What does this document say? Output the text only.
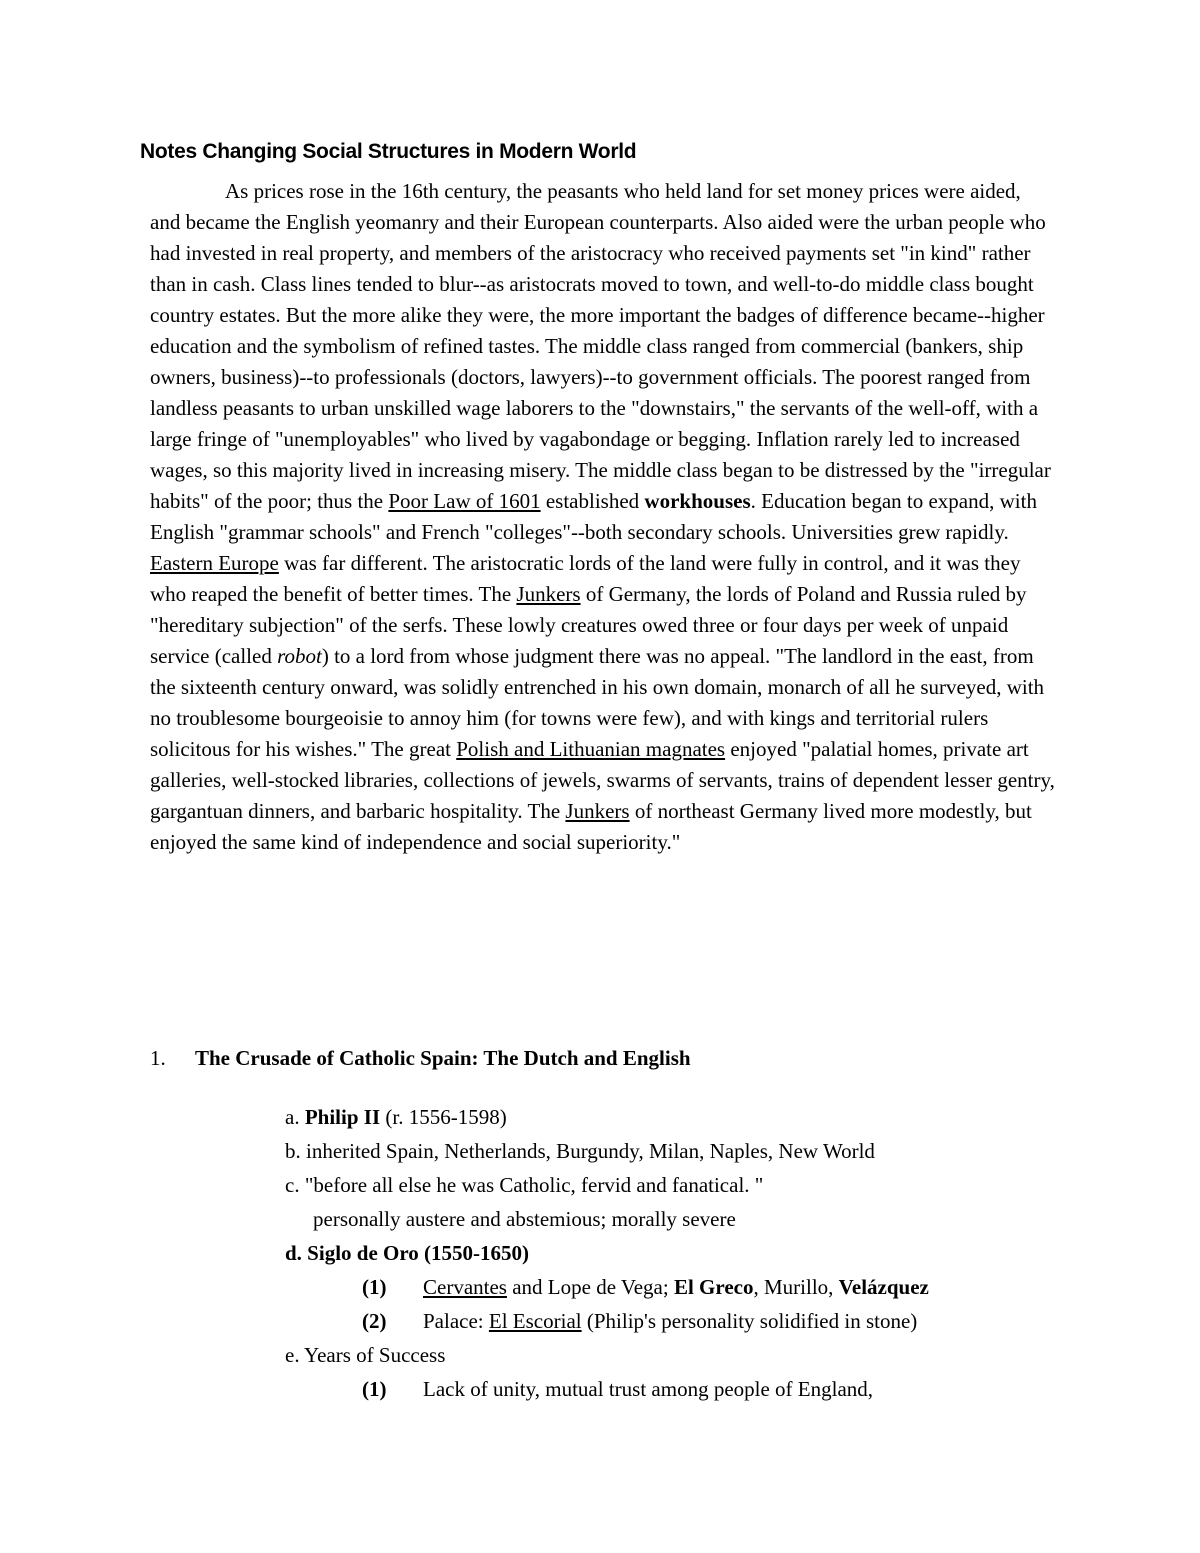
Notes Changing Social Structures in Modern World
As prices rose in the 16th century, the peasants who held land for set money prices were aided, and became the English yeomanry and their European counterparts. Also aided were the urban people who had invested in real property, and members of the aristocracy who received payments set "in kind" rather than in cash. Class lines tended to blur--as aristocrats moved to town, and well-to-do middle class bought country estates. But the more alike they were, the more important the badges of difference became--higher education and the symbolism of refined tastes. The middle class ranged from commercial (bankers, ship owners, business)--to professionals (doctors, lawyers)--to government officials. The poorest ranged from landless peasants to urban unskilled wage laborers to the "downstairs," the servants of the well-off, with a large fringe of "unemployables" who lived by vagabondage or begging. Inflation rarely led to increased wages, so this majority lived in increasing misery. The middle class began to be distressed by the "irregular habits" of the poor; thus the Poor Law of 1601 established workhouses. Education began to expand, with English "grammar schools" and French "colleges"--both secondary schools. Universities grew rapidly. Eastern Europe was far different. The aristocratic lords of the land were fully in control, and it was they who reaped the benefit of better times. The Junkers of Germany, the lords of Poland and Russia ruled by "hereditary subjection" of the serfs. These lowly creatures owed three or four days per week of unpaid service (called robot) to a lord from whose judgment there was no appeal. "The landlord in the east, from the sixteenth century onward, was solidly entrenched in his own domain, monarch of all he surveyed, with no troublesome bourgeoisie to annoy him (for towns were few), and with kings and territorial rulers solicitous for his wishes." The great Polish and Lithuanian magnates enjoyed "palatial homes, private art galleries, well-stocked libraries, collections of jewels, swarms of servants, trains of dependent lesser gentry, gargantuan dinners, and barbaric hospitality. The Junkers of northeast Germany lived more modestly, but enjoyed the same kind of independence and social superiority."
1. The Crusade of Catholic Spain: The Dutch and English
a. Philip II (r. 1556-1598)
b. inherited Spain, Netherlands, Burgundy, Milan, Naples, New World
c. "before all else he was Catholic, fervid and fanatical. "
personally austere and abstemious; morally severe
d. Siglo de Oro (1550-1650)
(1) Cervantes and Lope de Vega; El Greco, Murillo, Velázquez
(2) Palace: El Escorial (Philip's personality solidified in stone)
e. Years of Success
(1) Lack of unity, mutual trust among people of England,
